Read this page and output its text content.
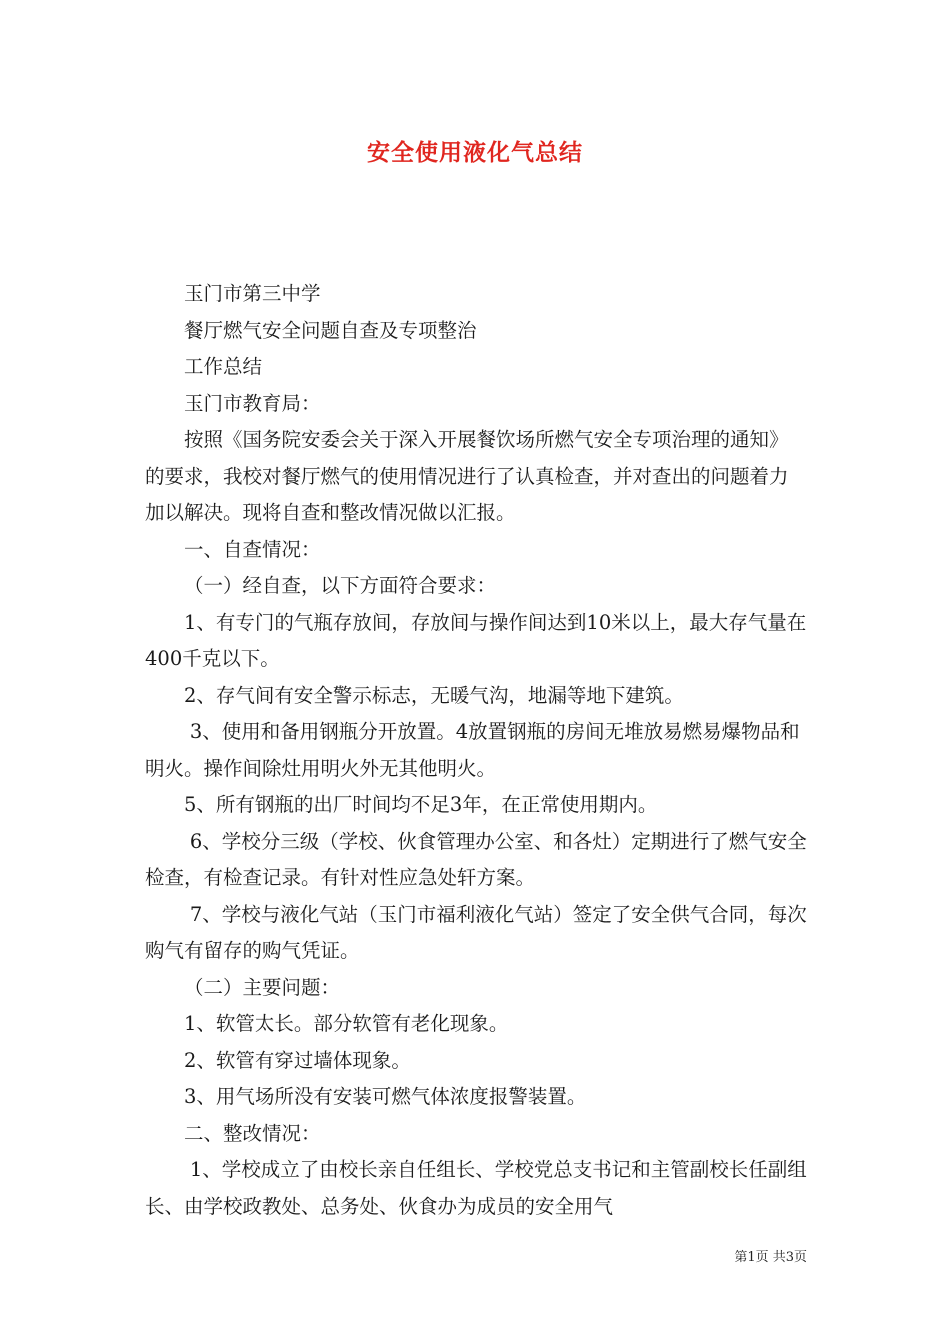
安全使用液化气总结

玉门市第三中学

餐厅燃气安全问题自查及专项整治

工作总结

玉门市教育局：

按照《国务院安委会关于深入开展餐饮场所燃气安全专项治理的通知》的要求，我校对餐厅燃气的使用情况进行了认真检查，并对查出的问题着力加以解决。现将自查和整改情况做以汇报。

一、自查情况：

（一）经自查，以下方面符合要求：

1、有专门的气瓶存放间，存放间与操作间达到10米以上，最大存气量在400千克以下。

2、存气间有安全警示标志，无暖气沟，地漏等地下建筑。

3、使用和备用钢瓶分开放置。4放置钢瓶的房间无堆放易燃易爆物品和明火。操作间除灶用明火外无其他明火。

5、所有钢瓶的出厂时间均不足3年，在正常使用期内。

6、学校分三级（学校、伙食管理办公室、和各灶）定期进行了燃气安全检查，有检查记录。有针对性应急处轩方案。

7、学校与液化气站（玉门市福利液化气站）签定了安全供气合同，每次购气有留存的购气凭证。

（二）主要问题：

1、软管太长。部分软管有老化现象。

2、软管有穿过墙体现象。

3、用气场所没有安装可燃气体浓度报警装置。

二、整改情况：

1、学校成立了由校长亲自任组长、学校党总支书记和主管副校长任副组长、由学校政教处、总务处、伙食办为成员的安全用气

第1页 共3页
